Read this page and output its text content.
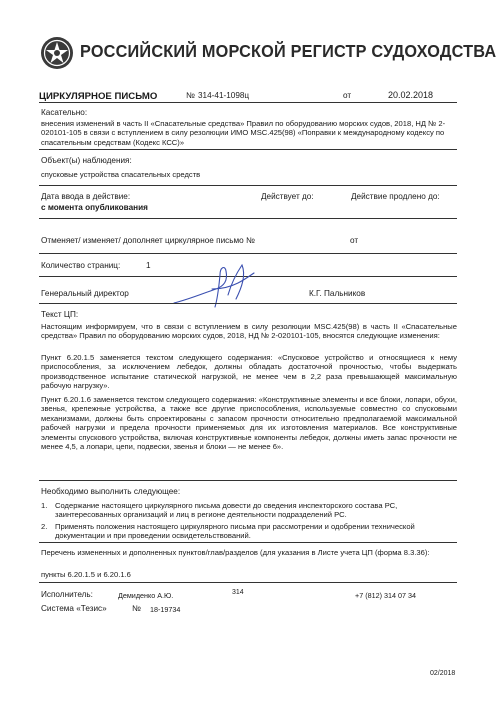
РОССИЙСКИЙ МОРСКОЙ РЕГИСТР СУДОХОДСТВА
ЦИРКУЛЯРНОЕ ПИСЬМО	№ 314-41-1098ц	от	20.02.2018
Касательно:
внесения изменений в часть II «Спасательные средства» Правил по оборудованию морских судов, 2018, НД № 2-020101-105 в связи с вступлением в силу резолюции ИМО MSC.425(98) «Поправки к международному кодексу по спасательным средствам (Кодекс КСС)»
Объект(ы) наблюдения:
спусковые устройства спасательных средств
Дата ввода в действие:
с момента опубликования
Действует до:	Действие продлено до:
Отменяет/ изменяет/ дополняет циркулярное письмо №	от
Количество страниц:	1
Генеральный директор	К.Г. Пальников
Текст ЦП:
Настоящим информируем, что в связи с вступлением в силу резолюции MSC.425(98) в часть II «Спасательные средства» Правил по оборудованию морских судов, 2018, НД № 2-020101-105, вносятся следующие изменения:
Пункт 6.20.1.5 заменяется текстом следующего содержания: «Спусковое устройство и относящиеся к нему приспособления, за исключением лебедок, должны обладать достаточной прочностью, чтобы выдержать производственное испытание статической нагрузкой, не менее чем в 2,2 раза превышающей максимальную рабочую нагрузку».
Пункт 6.20.1.6 заменяется текстом следующего содержания: «Конструктивные элементы и все блоки, лопари, обухи, звенья, крепежные устройства, а также все другие приспособления, используемые совместно со спусковыми механизмами, должны быть спроектированы с запасом прочности относительно предполагаемой максимальной рабочей нагрузки и предела прочности применяемых для их изготовления материалов. Все конструктивные элементы спускового устройства, включая конструктивные компоненты лебедок, должны иметь запас прочности не менее 4,5, а лопари, цепи, подвески, звенья и блоки — не менее 6».
Необходимо выполнить следующее:
1. Содержание настоящего циркулярного письма довести до сведения инспекторского состава РС, заинтересованных организаций и лиц в регионе деятельности подразделений РС.
2. Применять положения настоящего циркулярного письма при рассмотрении и одобрении технической документации и при проведении освидетельствований.
Перечень измененных и дополненных пунктов/глав/разделов (для указания в Листе учета ЦП (форма 8.3.36):
пункты 6.20.1.5 и 6.20.1.6
Исполнитель:	Демиденко А.Ю.	314	+7 (812) 314 07 34
Система «Тезис»	№ 18-19734
02/2018
